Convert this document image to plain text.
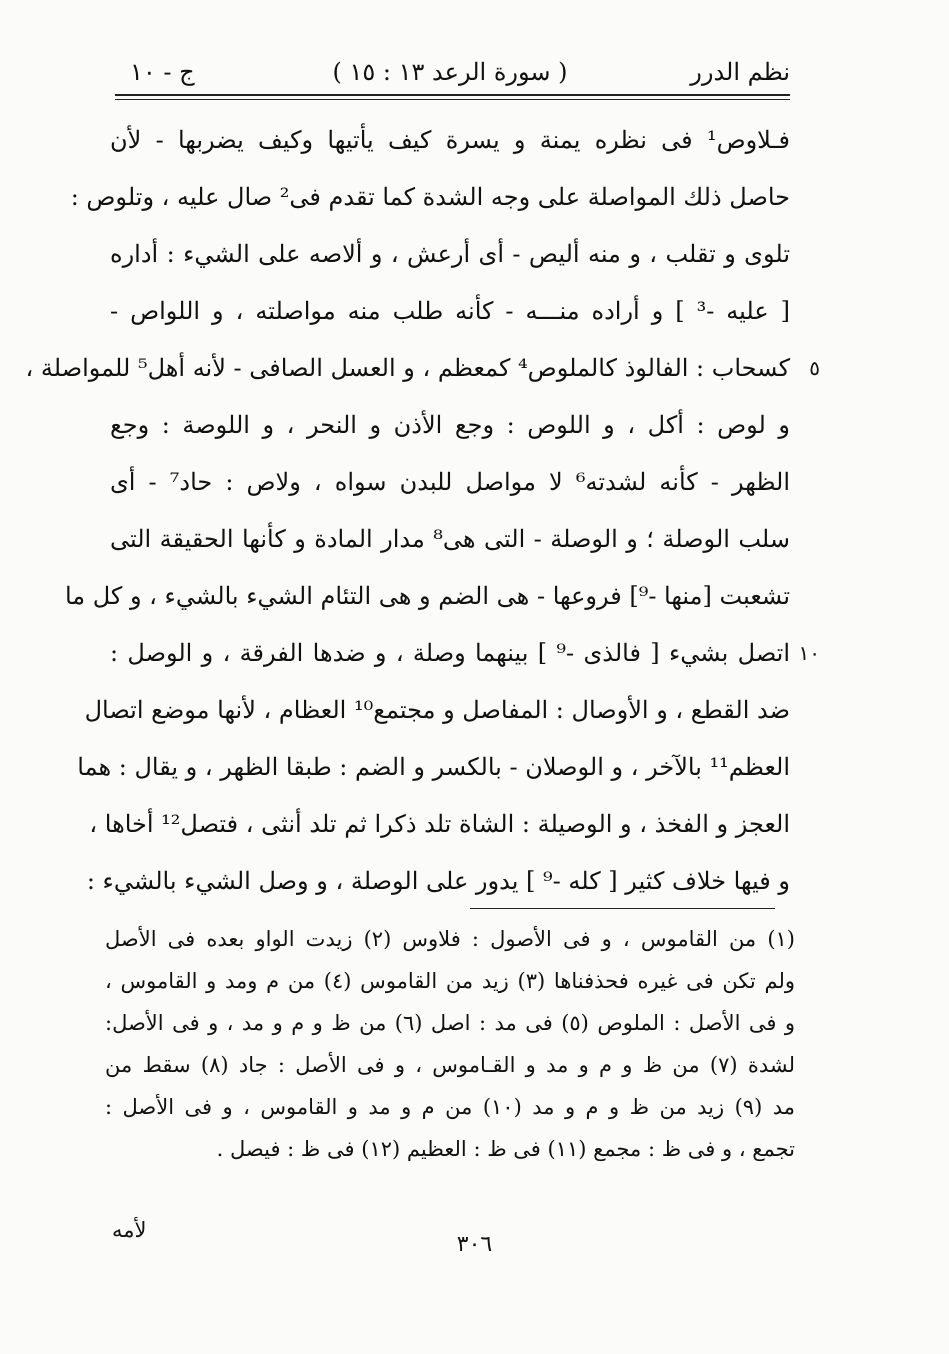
نظم الدرر
( سورة الرعد ١٣ : ١٥ )
ج - ١٠
فـلاوص¹ فى نظره يمنة و يسرة كيف يأتيها وكيف يضربها - لأن
حاصل ذلك المواصلة على وجه الشدة كما تقدم فى² صال عليه ، وتلوص :
تلوى و تقلب ، و منه أليص - أى أرعش ، و ألاصه على الشيء : أداره
[ عليه -³ ] و أراده منـــه - كأنه طلب منه مواصلته ، و اللواص -
٥
كسحاب : الفالوذ كالملوص⁴ كمعظم ، و العسل الصافى - لأنه أهل⁵ للمواصلة ،
و لوص : أكل ، و اللوص : وجع الأذن و النحر ، و اللوصة : وجع
الظهر - كأنه لشدته⁶ لا مواصل للبدن سواه ، ولاص : حاد⁷ - أى
سلب الوصلة ؛ و الوصلة - التى هى⁸ مدار المادة و كأنها الحقيقة التى
تشعبت [منها -⁹] فروعها - هى الضم و هى التئام الشيء بالشيء ، و كل ما
١٠
اتصل بشيء [ فالذى -⁹ ] بينهما وصلة ، و ضدها الفرقة ، و الوصل :
ضد القطع ، و الأوصال : المفاصل و مجتمع¹⁰ العظام ، لأنها موضع اتصال
العظم¹¹ بالآخر ، و الوصلان - بالكسر و الضم : طبقا الظهر ، و يقال : هما
العجز و الفخذ ، و الوصيلة : الشاة تلد ذكرا ثم تلد أنثى ، فتصل¹² أخاها ،
و فيها خلاف كثير [ كله -⁹ ] يدور على الوصلة ، و وصل الشيء بالشيء :
(١) من القاموس ، و فى الأصول : فلاوس (٢) زيدت الواو بعده فى الأصل
ولم تكن فى غيره فحذفناها (٣) زيد من القاموس (٤) من م ومد و القاموس ،
و فى الأصل : الملوص (٥) فى مد : اصل (٦) من ظ و م و مد ، و فى الأصل:
لشدة (٧) من ظ و م و مد و القـاموس ، و فى الأصل : جاد (٨) سقط من
مد (٩) زيد من ظ و م و مد (١٠) من م و مد و القاموس ، و فى الأصل :
تجمع ، و فى ظ : مجمع (١١) فى ظ : العظيم (١٢) فى ظ : فيصل .
لأمه
٣٠٦
